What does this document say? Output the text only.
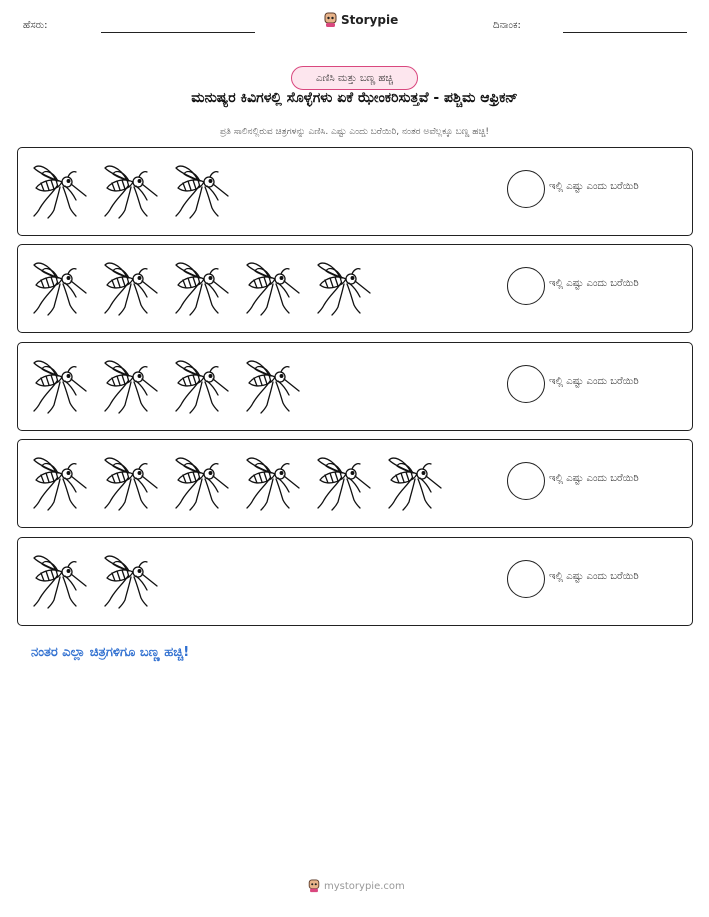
ಹೆಸರು:	Storypie	ದಿನಾಂಕ:
ಎಣಿಸಿ ಮತ್ತು ಬಣ್ಣ ಹಚ್ಚಿ
ಮನುಷ್ಯರ ಕಿವಿಗಳಲ್ಲಿ ಸೊಳ್ಳೆಗಳು ಏಕೆ ಝೇಂಕರಿಸುತ್ತವೆ - ಪಶ್ಚಿಮ ಆಫ್ರಿಕನ್
ಪ್ರತಿ ಸಾಲಿನಲ್ಲಿರುವ ಚಿತ್ರಗಳನ್ನು ಎಣಿಸಿ. ಎಷ್ಟು ಎಂದು ಬರೆಯಿರಿ, ನಂತರ ಅವೆಲ್ಲಕ್ಕೂ ಬಣ್ಣ ಹಚ್ಚಿ!
ಇಲ್ಲಿ ಎಷ್ಟು ಎಂದು ಬರೆಯಿರಿ
ಇಲ್ಲಿ ಎಷ್ಟು ಎಂದು ಬರೆಯಿರಿ
ಇಲ್ಲಿ ಎಷ್ಟು ಎಂದು ಬರೆಯಿರಿ
ಇಲ್ಲಿ ಎಷ್ಟು ಎಂದು ಬರೆಯಿರಿ
ಇಲ್ಲಿ ಎಷ್ಟು ಎಂದು ಬರೆಯಿರಿ
ನಂತರ ಎಲ್ಲಾ ಚಿತ್ರಗಳಿಗೂ ಬಣ್ಣ ಹಚ್ಚಿ!
mystorypie.com
